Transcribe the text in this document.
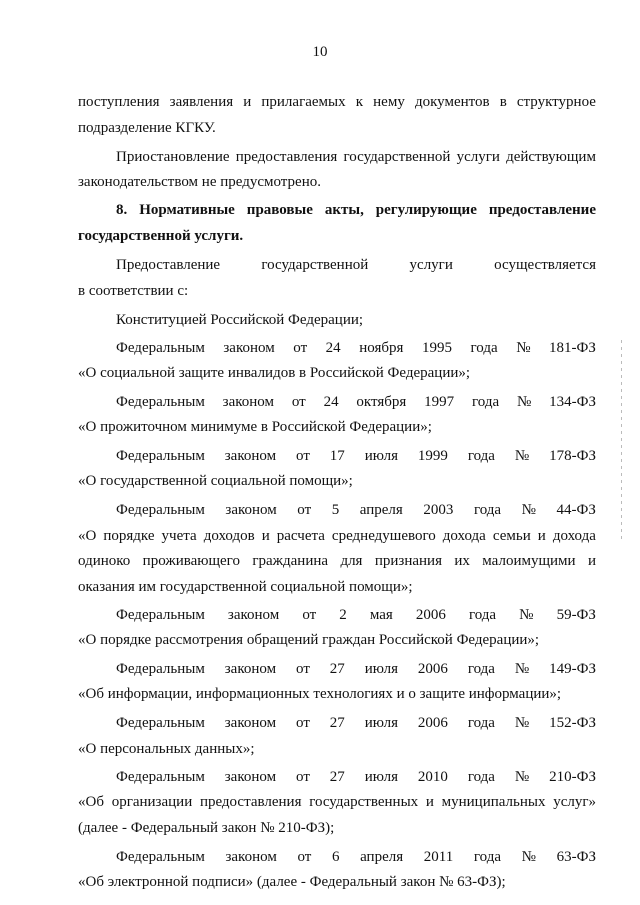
10
поступления заявления и прилагаемых к нему документов в структурное
подразделение КГКУ.
Приостановление предоставления государственной услуги действующим
законодательством не предусмотрено.
8. Нормативные правовые акты, регулирующие предоставление
государственной услуги.
Предоставление	государственной	услуги	осуществляется
в соответствии с:
Конституцией Российской Федерации;
Федеральным законом от 24 ноября 1995 года № 181-ФЗ
«О социальной защите инвалидов в Российской Федерации»;
Федеральным законом от 24 октября 1997 года № 134-ФЗ
«О прожиточном минимуме в Российской Федерации»;
Федеральным законом от 17 июля 1999 года № 178-ФЗ
«О государственной социальной помощи»;
Федеральным законом от 5 апреля 2003 года № 44-ФЗ
«О порядке учета доходов и расчета среднедушевого дохода семьи и дохода
одиноко проживающего гражданина для признания их малоимущими и
оказания им государственной социальной помощи»;
Федеральным законом от 2 мая 2006 года № 59-ФЗ
«О порядке рассмотрения обращений граждан Российской Федерации»;
Федеральным законом от 27 июля 2006 года № 149-ФЗ
«Об информации, информационных технологиях и о защите информации»;
Федеральным законом от 27 июля 2006 года № 152-ФЗ
«О персональных данных»;
Федеральным законом от 27 июля 2010 года № 210-ФЗ
«Об организации предоставления государственных и муниципальных услуг»
(далее - Федеральный закон № 210-ФЗ);
Федеральным законом от 6 апреля 2011 года № 63-ФЗ
«Об электронной подписи» (далее - Федеральный закон № 63-ФЗ);
